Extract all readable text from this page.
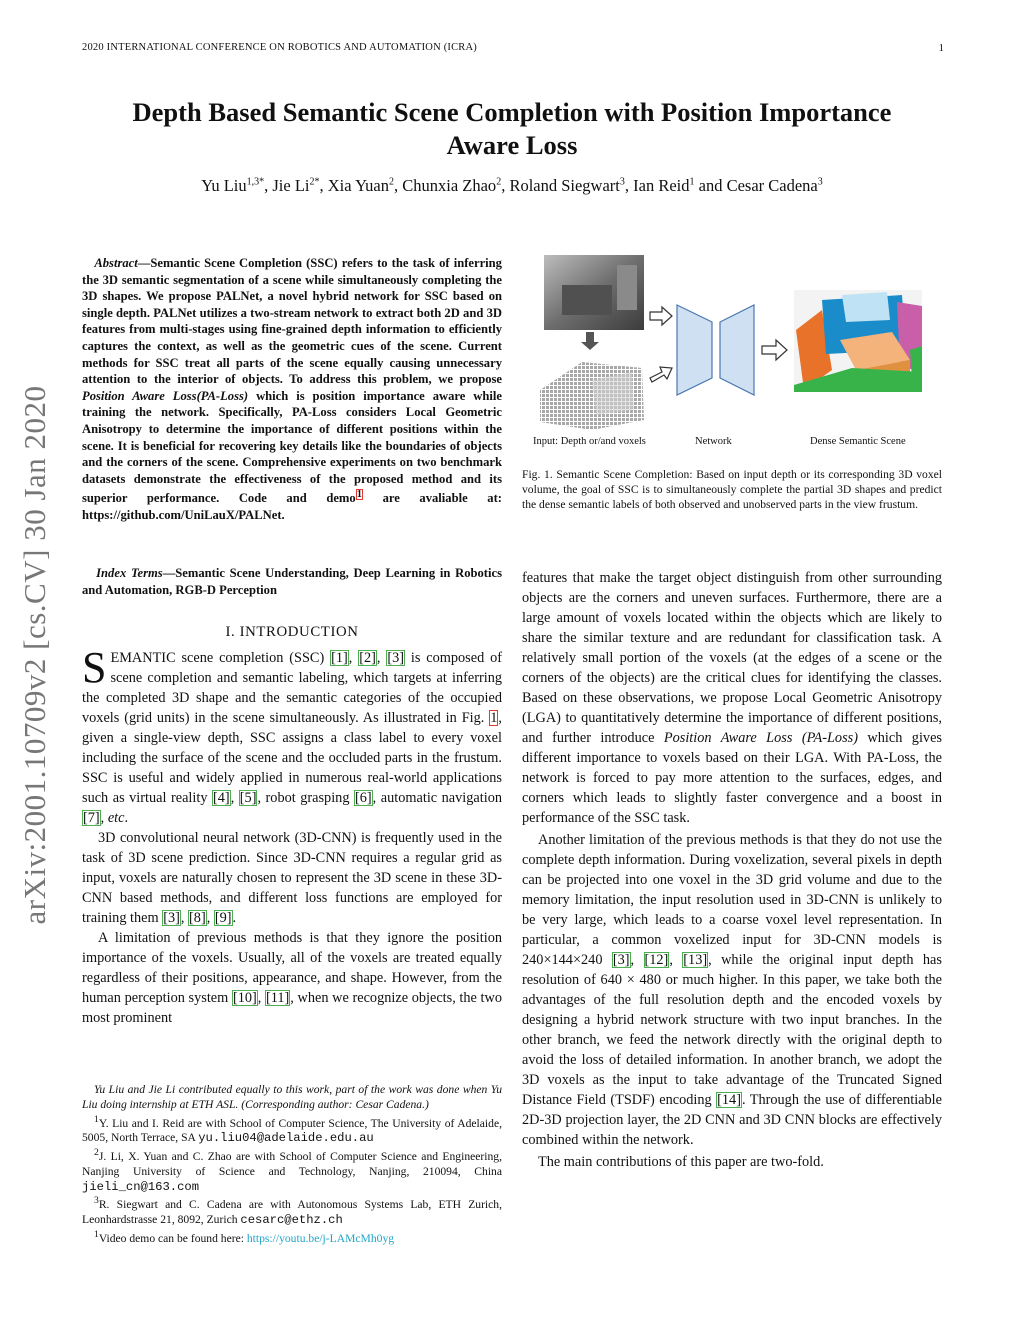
2020 INTERNATIONAL CONFERENCE ON ROBOTICS AND AUTOMATION (ICRA)	1
Depth Based Semantic Scene Completion with Position Importance
Aware Loss
Yu Liu$^{1,3*}$, Jie $Li^{2*}$, Xia Yuan$^2$, Chunxia Zhao$^2$, Roland Siegwart$^3$, Ian Reid$^1$ and Cesar Cadena$^3$
arXiv:2001.10709v2 [cs.CV] 30 Jan 2020
Abstract—Semantic Scene Completion (SSC) refers to the task of inferring the 3D semantic segmentation of a scene while simultaneously completing the 3D shapes. We propose PALNet, a novel hybrid network for SSC based on single depth. PALNet utilizes a two-stream network to extract both 2D and 3D features from multi-stages using fine-grained depth information to efficiently captures the context, as well as the geometric cues of the scene. Current methods for SSC treat all parts of the scene equally causing unnecessary attention to the interior of objects. To address this problem, we propose Position Aware Loss(PA-Loss) which is position importance aware while training the network. Specifically, PA-Loss considers Local Geometric Anisotropy to determine the importance of different positions within the scene. It is beneficial for recovering key details like the boundaries of objects and the corners of the scene. Comprehensive experiments on two benchmark datasets demonstrate the effectiveness of the proposed method and its superior performance. Code and demo$^1$ are avaliable at: https://github.com/UniLauX/PALNet.
Index Terms—Semantic Scene Understanding, Deep Learning in Robotics and Automation, RGB-D Perception
I. INTRODUCTION

SEMANTIC scene completion (SSC) [1], [2], [3] is composed of scene completion and semantic labeling, which targets at inferring the completed 3D shape and the semantic categories of the occupied voxels (grid units) in the scene simultaneously. As illustrated in Fig. 1, given a single-view depth, SSC assigns a class label to every voxel including the surface of the scene and the occluded parts in the frustum. SSC is useful and widely applied in numerous real-world applications such as virtual reality [4], [5], robot grasping [6], automatic navigation [7], etc.

3D convolutional neural network (3D-CNN) is frequently used in the task of 3D scene prediction. Since 3D-CNN requires a regular grid as input, voxels are naturally chosen to represent the 3D scene in these 3D-CNN based methods, and different loss functions are employed for training them [3], [8], [9].

A limitation of previous methods is that they ignore the position importance of the voxels. Usually, all of the voxels are treated equally regardless of their positions, appearance, and shape. However, from the human perception system [10], [11], when we recognize objects, the two most prominent

Yu Liu and Jie Li contributed equally to this work, part of the work was done when Yu Liu doing internship at ETH ASL. (Corresponding author: Cesar Cadena.)

$^1$Y. Liu and I. Reid are with School of Computer Science, The University of Adelaide, 5005, North Terrace, SA yu.liu04@adelaide.edu.au

$^2$J. Li, X. Yuan and C. Zhao are with School of Computer Science and Engineering, Nanjing University of Science and Technology, Nanjing, 210094, China jieli_cn@163.com

$^3$R. Siegwart and C. Cadena are with Autonomous Systems Lab, ETH Zurich, Leonhardstrasse 21, 8092, Zurich cesarc@ethz.ch

$^1$Video demo can be found here: https://youtu.be/j-LAMcMh0yg

Input: Depth or/and voxels	Network	Dense Semantic Scene
Fig. 1. Semantic Scene Completion: Based on input depth or its corresponding 3D voxel volume, the goal of SSC is to simultaneously complete the partial 3D shapes and predict the dense semantic labels of both observed and unobserved parts in the view frustum.

features that make the target object distinguish from other surrounding objects are the corners and uneven surfaces. Furthermore, there are a large amount of voxels located within the objects which are likely to share the similar texture and are redundant for classification task. A relatively small portion of the voxels (at the edges of a scene or the corners of the objects) are the critical clues for identifying the classes. Based on these observations, we propose Local Geometric Anisotropy (LGA) to quantitatively determine the importance of different positions, and further introduce Position Aware Loss (PA-Loss) which gives different importance to voxels based on their LGA. With PA-Loss, the network is forced to pay more attention to the surfaces, edges, and corners which leads to slightly faster convergence and a boost in performance of the SSC task.

Another limitation of the previous methods is that they do not use the complete depth information. During voxelization, several pixels in depth can be projected into one voxel in the 3D grid volume and due to the memory limitation, the input resolution used in 3D-CNN is unlikely to be very large, which leads to a coarse voxel level representation. In particular, a common voxelized input for 3D-CNN models is 240×144×240 [3], [12], [13], while the original input depth has resolution of 640 × 480 or much higher. In this paper, we take both the advantages of the full resolution depth and the encoded voxels by designing a hybrid network structure with two input branches. In the other branch, we feed the network directly with the original depth to avoid the loss of detailed information. In another branch, we adopt the 3D voxels as the input to take advantage of the Truncated Signed Distance Field (TSDF) encoding [14]. Through the use of differentiable 2D-3D projection layer, the 2D CNN and 3D CNN blocks are effectively combined within the network.

The main contributions of this paper are two-fold.
